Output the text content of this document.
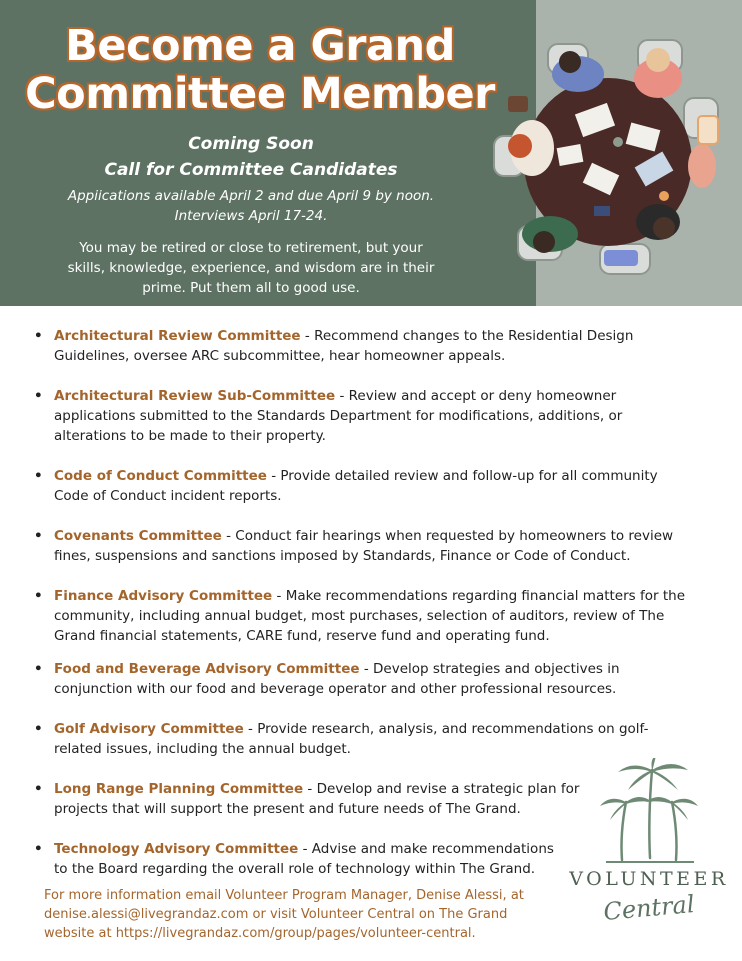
Become a Grand
Committee Member
Coming Soon
Call for Committee Candidates
Appiications available April 2 and due April 9 by noon.
Interviews April 17-24.
You may be retired or close to retirement, but your
skills, knowledge, experience, and wisdom are in their
prime. Put them all to good use.
• Architectural Review Committee - Recommend changes to the Residential Design
Guidelines, oversee ARC subcommittee, hear homeowner appeals.
• Architectural Review Sub-Committee - Review and accept or deny homeowner
applications submitted to the Standards Department for modifications, additions, or
alterations to be made to their property.
• Code of Conduct Committee - Provide detailed review and follow-up for all community
Code of Conduct incident reports.
• Covenants Committee - Conduct fair hearings when requested by homeowners to review
fines, suspensions and sanctions imposed by Standards, Finance or Code of Conduct.
• Finance Advisory Committee - Make recommendations regarding financial matters for the
community, including annual budget, most purchases, selection of auditors, review of The
Grand financial statements, CARE fund, reserve fund and operating fund.
• Food and Beverage Advisory Committee - Develop strategies and objectives in
conjunction with our food and beverage operator and other professional resources.
• Golf Advisory Committee - Provide research, analysis, and recommendations on golf-
related issues, including the annual budget.
• Long Range Planning Committee - Develop and revise a strategic plan for
projects that will support the present and future needs of The Grand.
• Technology Advisory Committee - Advise and make recommendations
to the Board regarding the overall role of technology within The Grand.
For more information email Volunteer Program Manager, Denise Alessi, at
denise.alessi@livegrandaz.com or visit Volunteer Central on The Grand
website at https://livegrandaz.com/group/pages/volunteer-central.
VOLUNTEER
Central
